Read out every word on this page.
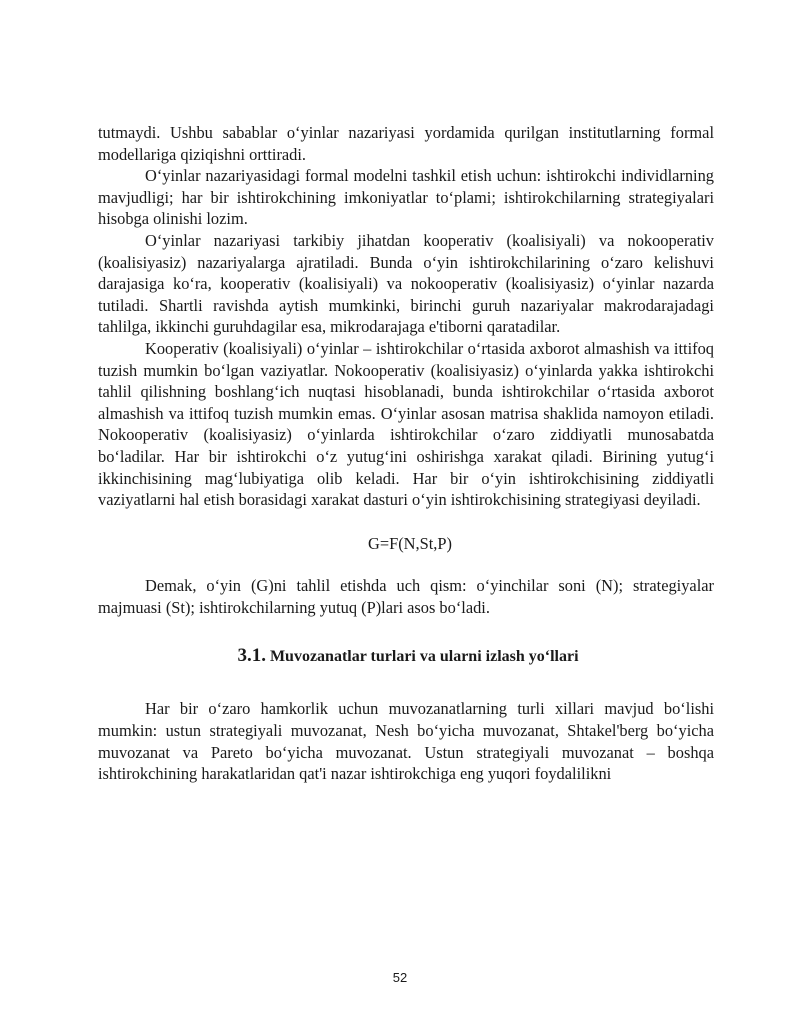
tutmaydi. Ushbu sabablar o‘yinlar nazariyasi yordamida qurilgan institutlarning formal modellariga qiziqishni orttiradi.

O‘yinlar nazariyasidagi formal modelni tashkil etish uchun: ishtirokchi individlarning mavjudligi; har bir ishtirokchining imkoniyatlar to‘plami; ishtirokchilarning strategiyalari hisobga olinishi lozim.

O‘yinlar nazariyasi tarkibiy jihatdan kooperativ (koalisiyali) va nokooperativ (koalisiyasiz) nazariyalarga ajratiladi. Bunda o‘yin ishtirokchilarining o‘zaro kelishuvi darajasiga ko‘ra, kooperativ (koalisiyali) va nokooperativ (koalisiyasiz) o‘yinlar nazarda tutiladi. Shartli ravishda aytish mumkinki, birinchi guruh nazariyalar makrodarajadagi tahlilga, ikkinchi guruhdagilar esa, mikrodarajaga e'tiborni qaratadilar.

Kooperativ (koalisiyali) o‘yinlar – ishtirokchilar o‘rtasida axborot almashish va ittifoq tuzish mumkin bo‘lgan vaziyatlar. Nokooperativ (koalisiyasiz) o‘yinlarda yakka ishtirokchi tahlil qilishning boshlang‘ich nuqtasi hisoblanadi, bunda ishtirokchilar o‘rtasida axborot almashish va ittifoq tuzish mumkin emas. O‘yinlar asosan matrisa shaklida namoyon etiladi. Nokooperativ (koalisiyasiz) o‘yinlarda ishtirokchilar o‘zaro ziddiyatli munosabatda bo‘ladilar. Har bir ishtirokchi o‘z yutug‘ini oshirishga xarakat qiladi. Birining yutug‘i ikkinchisining mag‘lubiyatiga olib keladi. Har bir o‘yin ishtirokchisining ziddiyatli vaziyatlarni hal etish borasidagi xarakat dasturi o‘yin ishtirokchisining strategiyasi deyiladi.

G=F(N,St,P)

Demak, o‘yin (G)ni tahlil etishda uch qism: o‘yinchilar soni (N); strategiyalar majmuasi (St); ishtirokchilarning yutuq (P)lari asos bo‘ladi.

3.1. Muvozanatlar turlari va ularni izlash yo‘llari

Har bir o‘zaro hamkorlik uchun muvozanatlarning turli xillari mavjud bo‘lishi mumkin: ustun strategiyali muvozanat, Nesh bo‘yicha muvozanat, Shtakel'berg bo‘yicha muvozanat va Pareto bo‘yicha muvozanat. Ustun strategiyali muvozanat – boshqa ishtirokchining harakatlaridan qat'i nazar ishtirokchiga eng yuqori foydalilikni

52
